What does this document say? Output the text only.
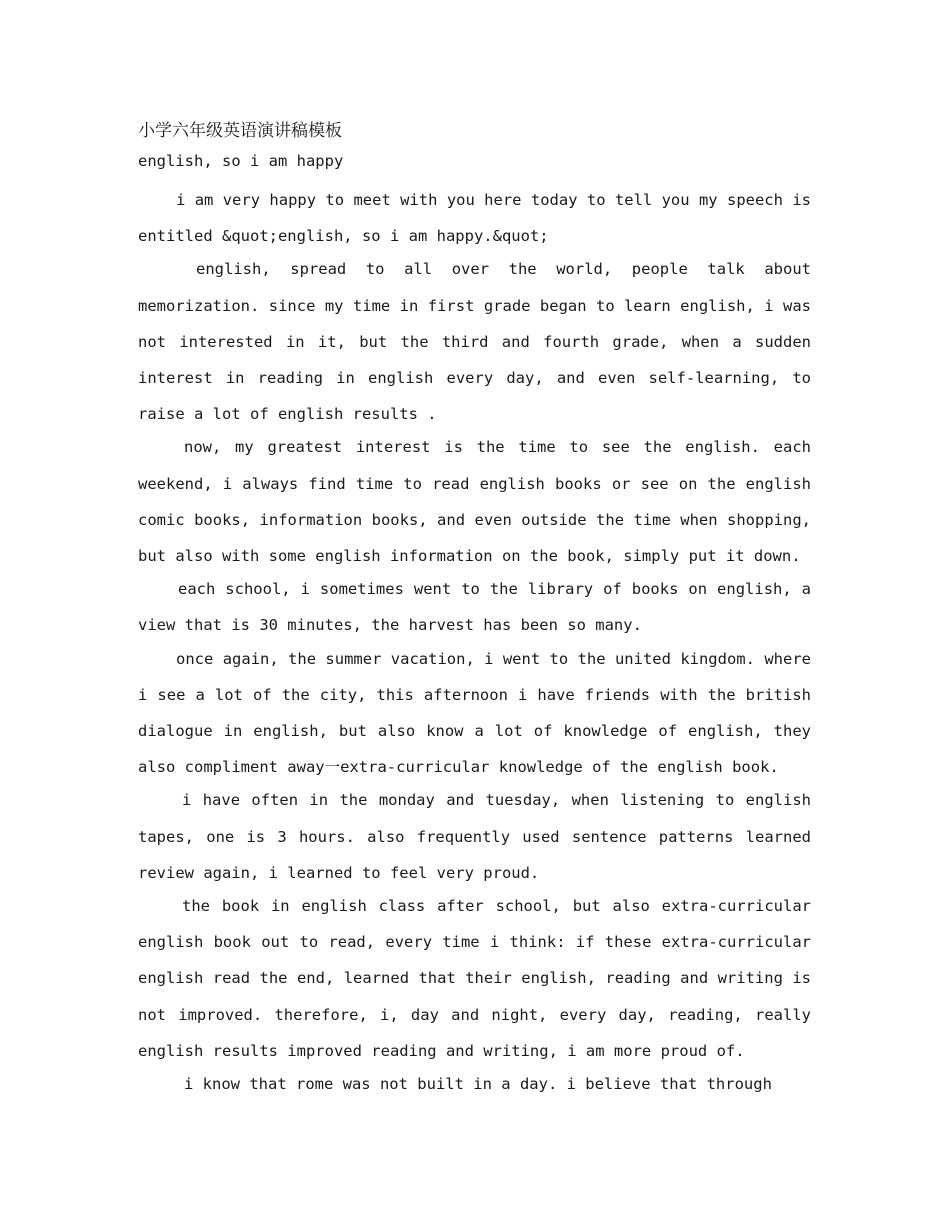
小学六年级英语演讲稿模板
english, so i am happy

i am very happy to meet with you here today to tell you my speech is entitled &quot;english, so i am happy.&quot;

english, spread to all over the world, people talk about memorization. since my time in first grade began to learn english, i was not interested in it, but the third and fourth grade, when a sudden interest in reading in english every day, and even self-learning, to raise a lot of english results .

now, my greatest interest is the time to see the english. each weekend, i always find time to read english books or see on the english comic books, information books, and even outside the time when shopping, but also with some english information on the book, simply put it down.

each school, i sometimes went to the library of books on english, a view that is 30 minutes, the harvest has been so many.

once again, the summer vacation, i went to the united kingdom. where i see a lot of the city, this afternoon i have friends with the british dialogue in english, but also know a lot of knowledge of english, they also compliment away一extra-curricular knowledge of the english book.

i have often in the monday and tuesday, when listening to english tapes, one is 3 hours. also frequently used sentence patterns learned review again, i learned to feel very proud.

the book in english class after school, but also extra-curricular english book out to read, every time i think: if these extra-curricular english read the end, learned that their english, reading and writing is not improved. therefore, i, day and night, every day, reading, really english results improved reading and writing, i am more proud of.

i know that rome was not built in a day. i believe that through
